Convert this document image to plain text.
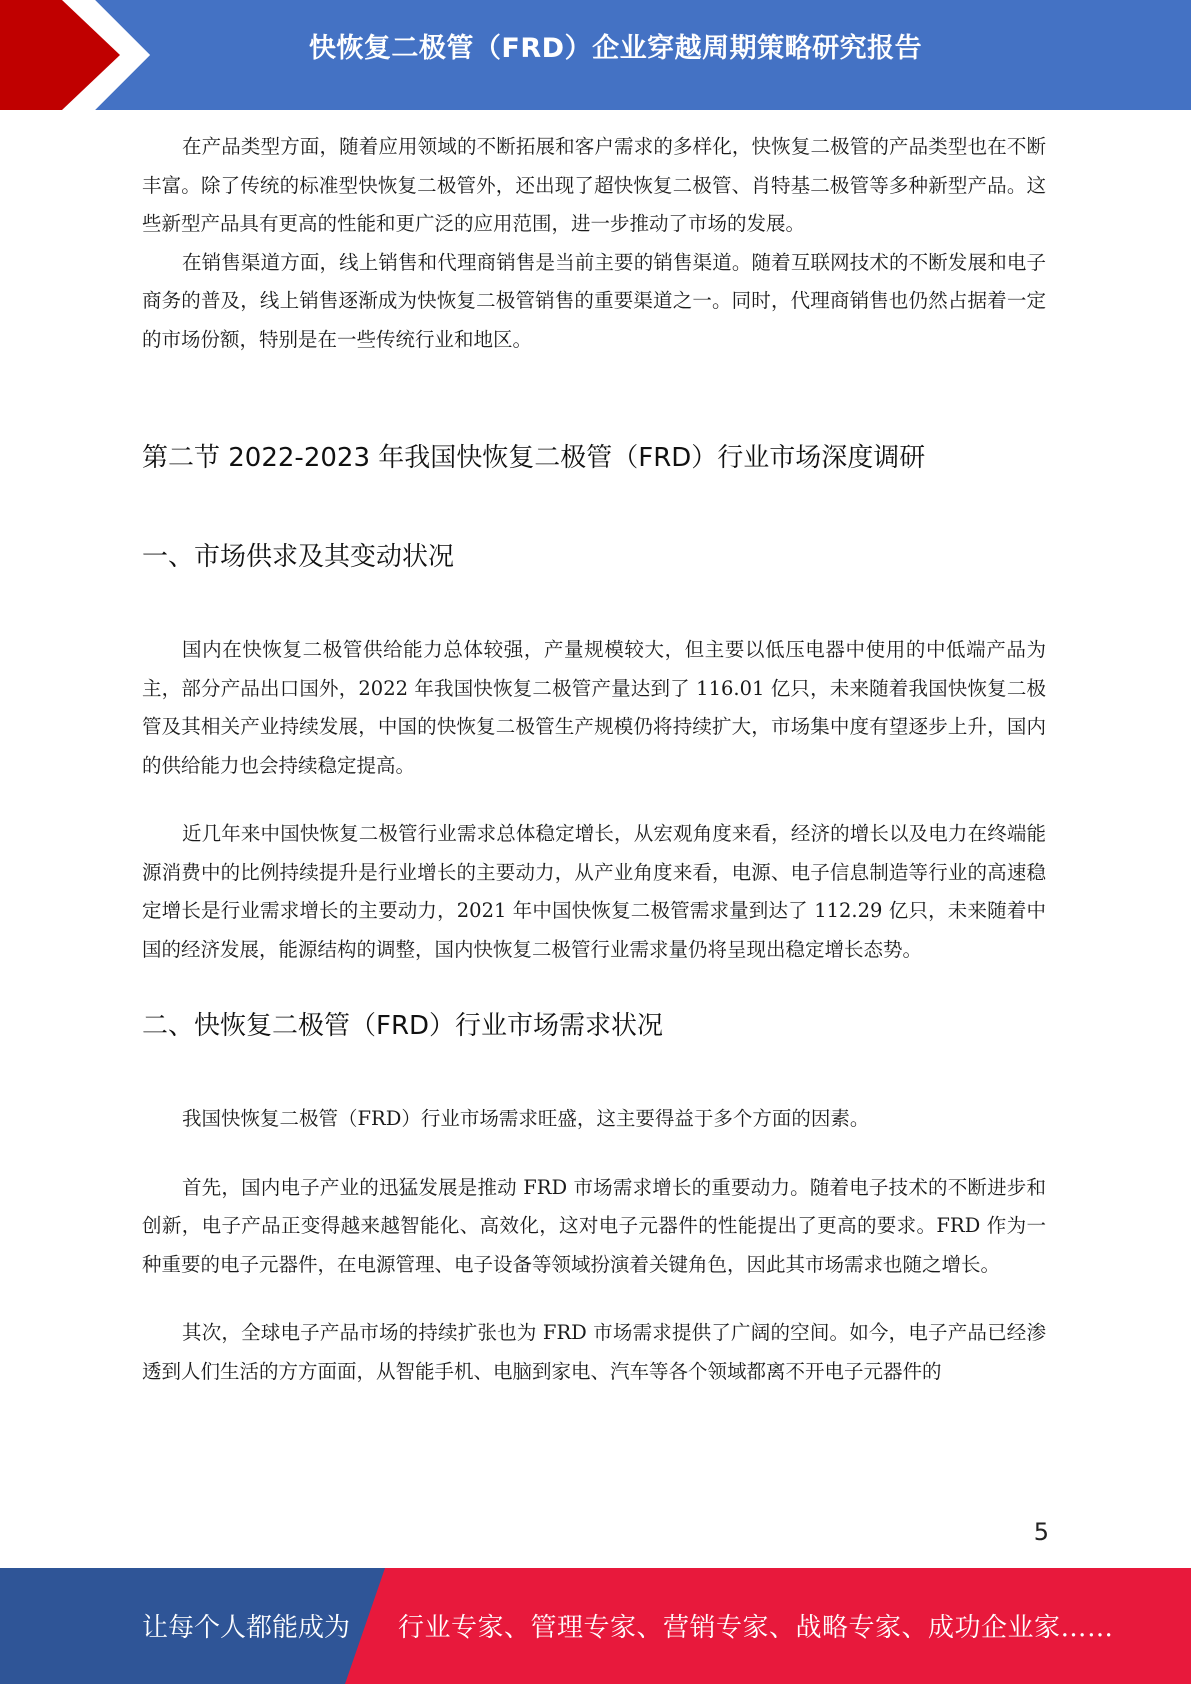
快恢复二极管（FRD）企业穿越周期策略研究报告

在产品类型方面，随着应用领域的不断拓展和客户需求的多样化，快恢复二极管的产品类型也在不断丰富。除了传统的标准型快恢复二极管外，还出现了超快恢复二极管、肖特基二极管等多种新型产品。这些新型产品具有更高的性能和更广泛的应用范围，进一步推动了市场的发展。

在销售渠道方面，线上销售和代理商销售是当前主要的销售渠道。随着互联网技术的不断发展和电子商务的普及，线上销售逐渐成为快恢复二极管销售的重要渠道之一。同时，代理商销售也仍然占据着一定的市场份额，特别是在一些传统行业和地区。

第二节 2022-2023 年我国快恢复二极管（FRD）行业市场深度调研
一、市场供求及其变动状况

国内在快恢复二极管供给能力总体较强，产量规模较大，但主要以低压电器中使用的中低端产品为主，部分产品出口国外，2022 年我国快恢复二极管产量达到了 116.01 亿只，未来随着我国快恢复二极管及其相关产业持续发展，中国的快恢复二极管生产规模仍将持续扩大，市场集中度有望逐步上升，国内的供给能力也会持续稳定提高。

近几年来中国快恢复二极管行业需求总体稳定增长，从宏观角度来看，经济的增长以及电力在终端能源消费中的比例持续提升是行业增长的主要动力，从产业角度来看，电源、电子信息制造等行业的高速稳定增长是行业需求增长的主要动力，2021 年中国快恢复二极管需求量到达了 112.29 亿只，未来随着中国的经济发展，能源结构的调整，国内快恢复二极管行业需求量仍将呈现出稳定增长态势。

二、快恢复二极管（FRD）行业市场需求状况

我国快恢复二极管（FRD）行业市场需求旺盛，这主要得益于多个方面的因素。

首先，国内电子产业的迅猛发展是推动 FRD 市场需求增长的重要动力。随着电子技术的不断进步和创新，电子产品正变得越来越智能化、高效化，这对电子元器件的性能提出了更高的要求。FRD 作为一种重要的电子元器件，在电源管理、电子设备等领域扮演着关键角色，因此其市场需求也随之增长。

其次，全球电子产品市场的持续扩张也为 FRD 市场需求提供了广阔的空间。如今，电子产品已经渗透到人们生活的方方面面，从智能手机、电脑到家电、汽车等各个领域都离不开电子元器件的

5
让每个人都能成为 行业专家、管理专家、营销专家、战略专家、成功企业家……
